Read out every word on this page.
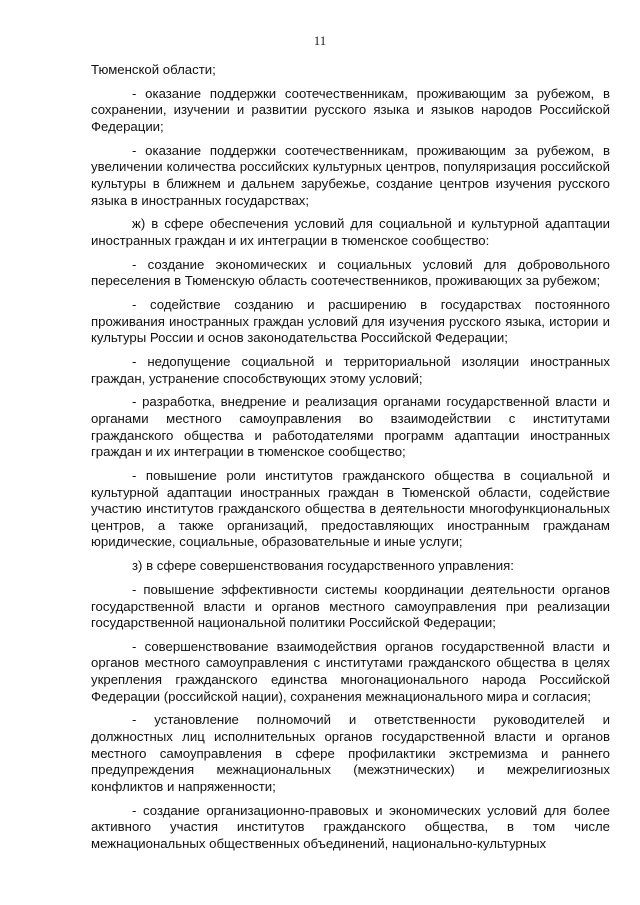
11

Тюменской области;

- оказание поддержки соотечественникам, проживающим за рубежом, в сохранении, изучении и развитии русского языка и языков народов Российской Федерации;

- оказание поддержки соотечественникам, проживающим за рубежом, в увеличении количества российских культурных центров, популяризация российской культуры в ближнем и дальнем зарубежье, создание центров изучения русского языка в иностранных государствах;

ж) в сфере обеспечения условий для социальной и культурной адаптации иностранных граждан и их интеграции в тюменское сообщество:

- создание экономических и социальных условий для добровольного переселения в Тюменскую область соотечественников, проживающих за рубежом;

- содействие созданию и расширению в государствах постоянного проживания иностранных граждан условий для изучения русского языка, истории и культуры России и основ законодательства Российской Федерации;

- недопущение социальной и территориальной изоляции иностранных граждан, устранение способствующих этому условий;

- разработка, внедрение и реализация органами государственной власти и органами местного самоуправления во взаимодействии с институтами гражданского общества и работодателями программ адаптации иностранных граждан и их интеграции в тюменское сообщество;

- повышение роли институтов гражданского общества в социальной и культурной адаптации иностранных граждан в Тюменской области, содействие участию институтов гражданского общества в деятельности многофункциональных центров, а также организаций, предоставляющих иностранным гражданам юридические, социальные, образовательные и иные услуги;

з) в сфере совершенствования государственного управления:

- повышение эффективности системы координации деятельности органов государственной власти и органов местного самоуправления при реализации государственной национальной политики Российской Федерации;

- совершенствование взаимодействия органов государственной власти и органов местного самоуправления с институтами гражданского общества в целях укрепления гражданского единства многонационального народа Российской Федерации (российской нации), сохранения межнационального мира и согласия;

- установление полномочий и ответственности руководителей и должностных лиц исполнительных органов государственной власти и органов местного самоуправления в сфере профилактики экстремизма и раннего предупреждения межнациональных (межэтнических) и межрелигиозных конфликтов и напряженности;

- создание организационно-правовых и экономических условий для более активного участия институтов гражданского общества, в том числе межнациональных общественных объединений, национально-культурных
